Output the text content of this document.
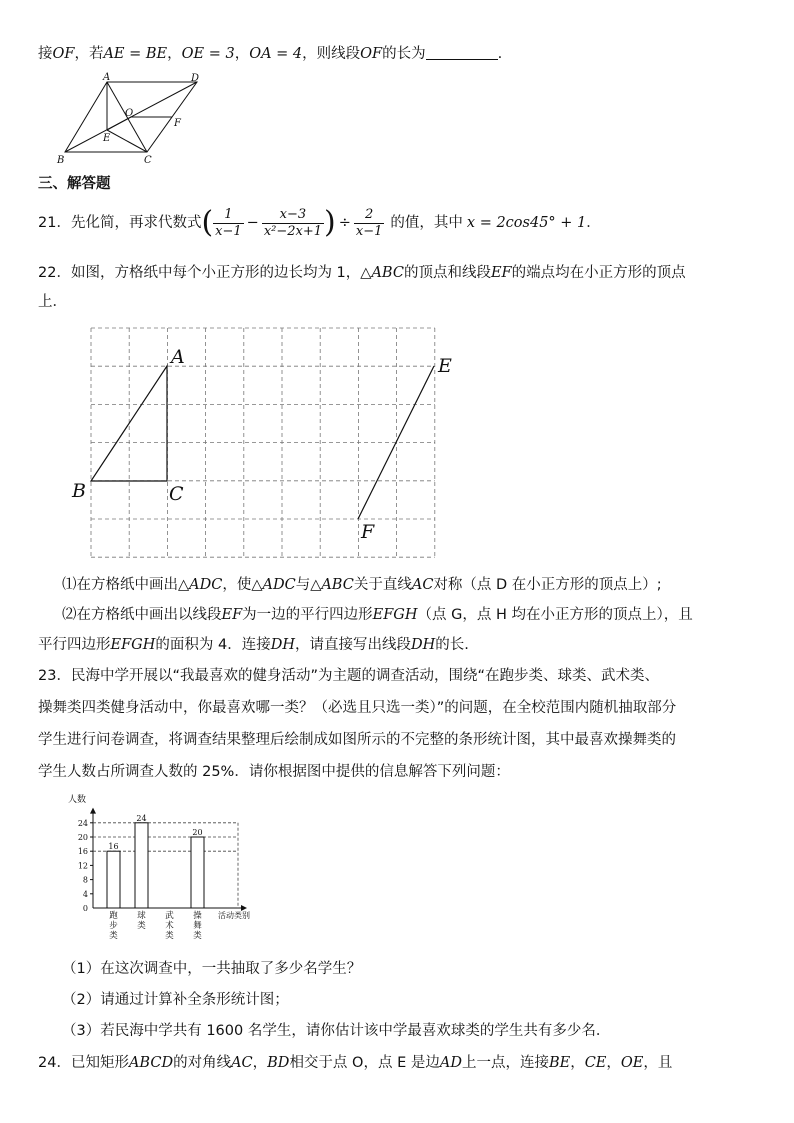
接OF，若AE = BE，OE = 3，OA = 4，则线段OF的长为	.
A	D
O
F
E
B	C
三、解答题
21．先化简，再求代数式( $\frac{1}{x-1} - \frac{x-3}{\text{x²−2x+1}}$ ) ÷ $\frac{2}{x-1}$ 的值，其中 x = 2cos45° + 1．
22．如图，方格纸中每个小正方形的边长均为 1，△ABC的顶点和线段EF的端点均在小正方形的顶点
上．
A
B	C
E
F
⑴在方格纸中画出△ADC，使△ADC与△ABC关于直线AC对称（点 D 在小正方形的顶点上）;
⑵在方格纸中画出以线段EF为一边的平行四边形EFGH（点 G，点 H 均在小正方形的顶点上），且
平行四边形EFGH的面积为 4．连接DH，请直接写出线段DH的长.
23．民海中学开展以“我最喜欢的健身活动”为主题的调查活动，围绕“在跑步类、球类、武术类、
操舞类四类健身活动中，你最喜欢哪一类？（必选且只选一类）”的问题，在全校范围内随机抽取部分
学生进行问卷调查，将调查结果整理后绘制成如图所示的不完整的条形统计图，其中最喜欢操舞类的
学生人数占所调查人数的 25%．请你根据图中提供的信息解答下列问题：
人数
活动类别
0
4
8
12
16
20
24
16
跑
步
类
24
球
类
武
术
类
20
操
舞
类
（1）在这次调查中，一共抽取了多少名学生？
（2）请通过计算补全条形统计图；
（3）若民海中学共有 1600 名学生，请你估计该中学最喜欢球类的学生共有多少名．
24．已知矩形ABCD的对角线AC，BD相交于点 O，点 E 是边AD上一点，连接BE，CE，OE，且
